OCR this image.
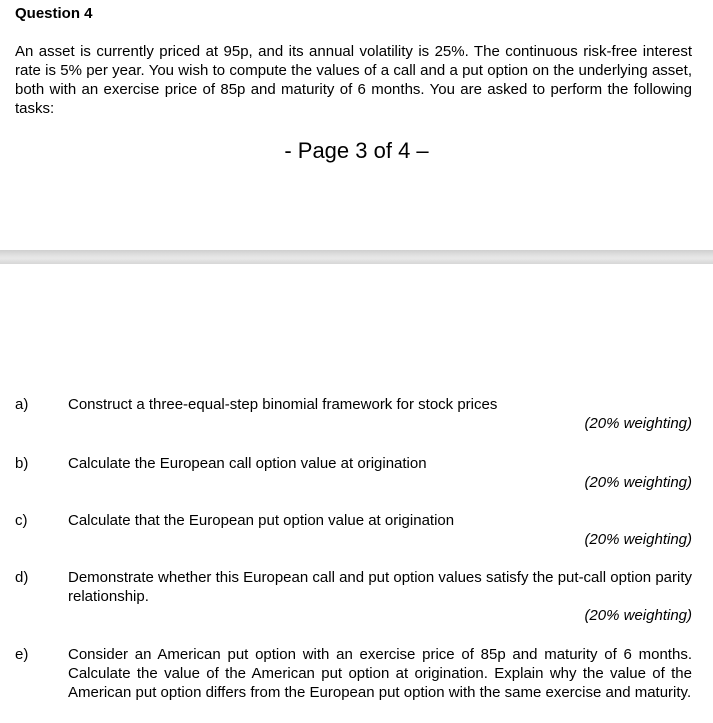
Question 4

An asset is currently priced at 95p, and its annual volatility is 25%. The continuous risk-free interest rate is 5% per year. You wish to compute the values of a call and a put option on the underlying asset, both with an exercise price of 85p and maturity of 6 months. You are asked to perform the following tasks:

- Page 3 of 4 –
a)	Construct a three-equal-step binomial framework for stock prices
(20% weighting)
b)	Calculate the European call option value at origination
(20% weighting)
c)	Calculate that the European put option value at origination
(20% weighting)
d)	Demonstrate whether this European call and put option values satisfy the put-call option parity relationship.
(20% weighting)
e)	Consider an American put option with an exercise price of 85p and maturity of 6 months. Calculate the value of the American put option at origination. Explain why the value of the American put option differs from the European put option with the same exercise and maturity.
